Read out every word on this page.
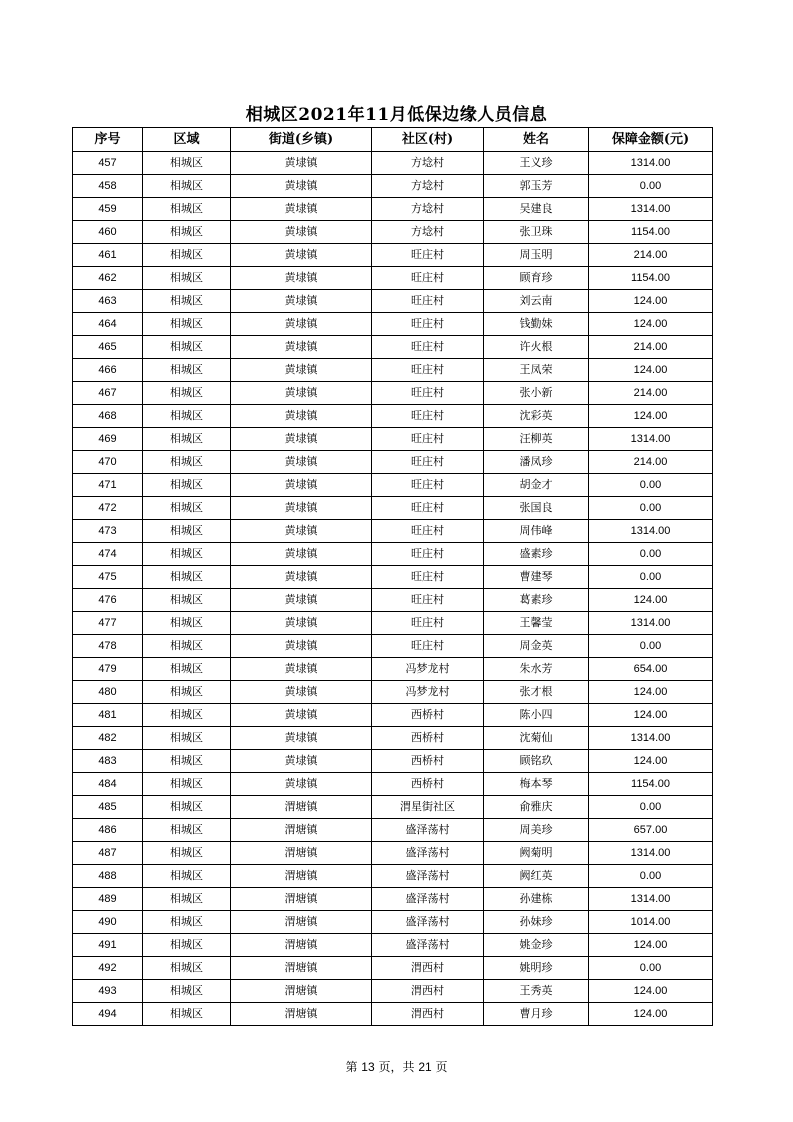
相城区2021年11月低保边缘人员信息
序号	区域	街道(乡镇)	社区(村)	姓名	保障金额(元)
457	相城区	黄埭镇	方埝村	王义珍	1314.00
458	相城区	黄埭镇	方埝村	郭玉芳	0.00
459	相城区	黄埭镇	方埝村	吴建良	1314.00
460	相城区	黄埭镇	方埝村	张卫珠	1154.00
461	相城区	黄埭镇	旺庄村	周玉明	214.00
462	相城区	黄埭镇	旺庄村	顾育珍	1154.00
463	相城区	黄埭镇	旺庄村	刘云南	124.00
464	相城区	黄埭镇	旺庄村	钱勤妹	124.00
465	相城区	黄埭镇	旺庄村	许火根	214.00
466	相城区	黄埭镇	旺庄村	王凤荣	124.00
467	相城区	黄埭镇	旺庄村	张小新	214.00
468	相城区	黄埭镇	旺庄村	沈彩英	124.00
469	相城区	黄埭镇	旺庄村	汪柳英	1314.00
470	相城区	黄埭镇	旺庄村	潘凤珍	214.00
471	相城区	黄埭镇	旺庄村	胡金才	0.00
472	相城区	黄埭镇	旺庄村	张国良	0.00
473	相城区	黄埭镇	旺庄村	周伟峰	1314.00
474	相城区	黄埭镇	旺庄村	盛素珍	0.00
475	相城区	黄埭镇	旺庄村	曹建琴	0.00
476	相城区	黄埭镇	旺庄村	葛素珍	124.00
477	相城区	黄埭镇	旺庄村	王馨莹	1314.00
478	相城区	黄埭镇	旺庄村	周金英	0.00
479	相城区	黄埭镇	冯梦龙村	朱水芳	654.00
480	相城区	黄埭镇	冯梦龙村	张才根	124.00
481	相城区	黄埭镇	西桥村	陈小四	124.00
482	相城区	黄埭镇	西桥村	沈菊仙	1314.00
483	相城区	黄埭镇	西桥村	顾铭玖	124.00
484	相城区	黄埭镇	西桥村	梅本琴	1154.00
485	相城区	渭塘镇	渭星街社区	俞雅庆	0.00
486	相城区	渭塘镇	盛泽荡村	周美珍	657.00
487	相城区	渭塘镇	盛泽荡村	阙菊明	1314.00
488	相城区	渭塘镇	盛泽荡村	阙红英	0.00
489	相城区	渭塘镇	盛泽荡村	孙建栋	1314.00
490	相城区	渭塘镇	盛泽荡村	孙妹珍	1014.00
491	相城区	渭塘镇	盛泽荡村	姚金珍	124.00
492	相城区	渭塘镇	渭西村	姚明珍	0.00
493	相城区	渭塘镇	渭西村	王秀英	124.00
494	相城区	渭塘镇	渭西村	曹月珍	124.00
第 13 页，共 21 页
